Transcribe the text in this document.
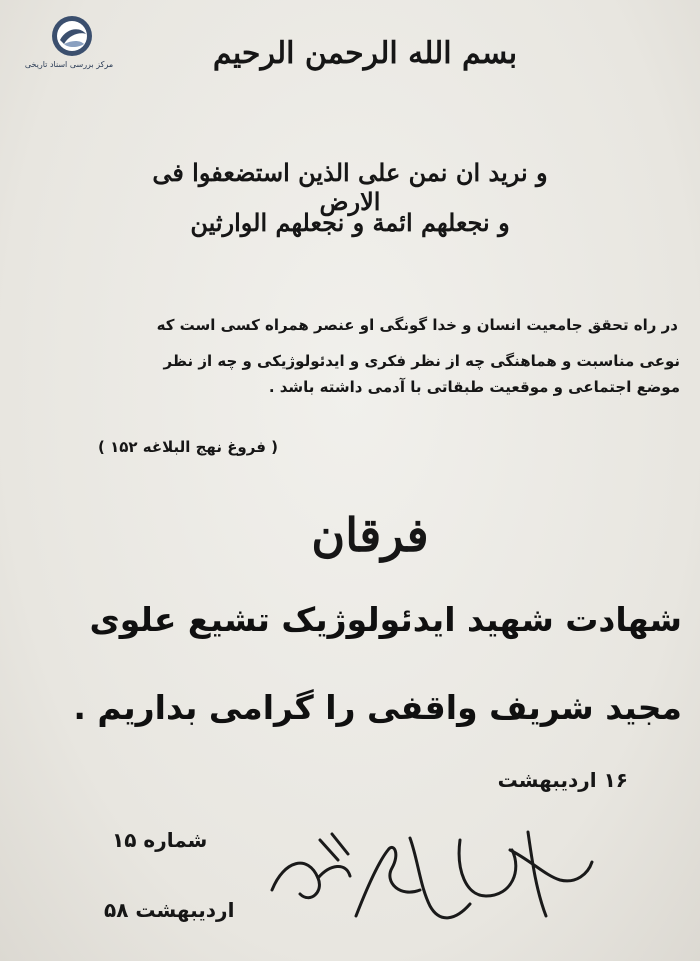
مرکز بررسی اسناد تاریخی	بسم الله الرحمن الرحیم
و نرید ان نمن علی الذین استضعفوا فی الارض
و نجعلهم ائمة و نجعلهم الوارثین
در راه تحقق جامعیت انسان و خدا گونگی او عنصر همراه کسی است که
نوعی مناسبت و هماهنگی چه از نظر فکری و ایدئولوژیکی و چه از نظر
موضع اجتماعی و موقعیت طبقاتی با آدمی داشته باشد .
( فروغ نهج البلاغه ۱۵۲ )
فرقان
شهادت شهید ایدئولوژیک تشیع علوی
مجید شریف واقفی را گرامی بداریم .
۱۶ اردیبهشت
شماره ۱۵
اردیبهشت ۵۸
